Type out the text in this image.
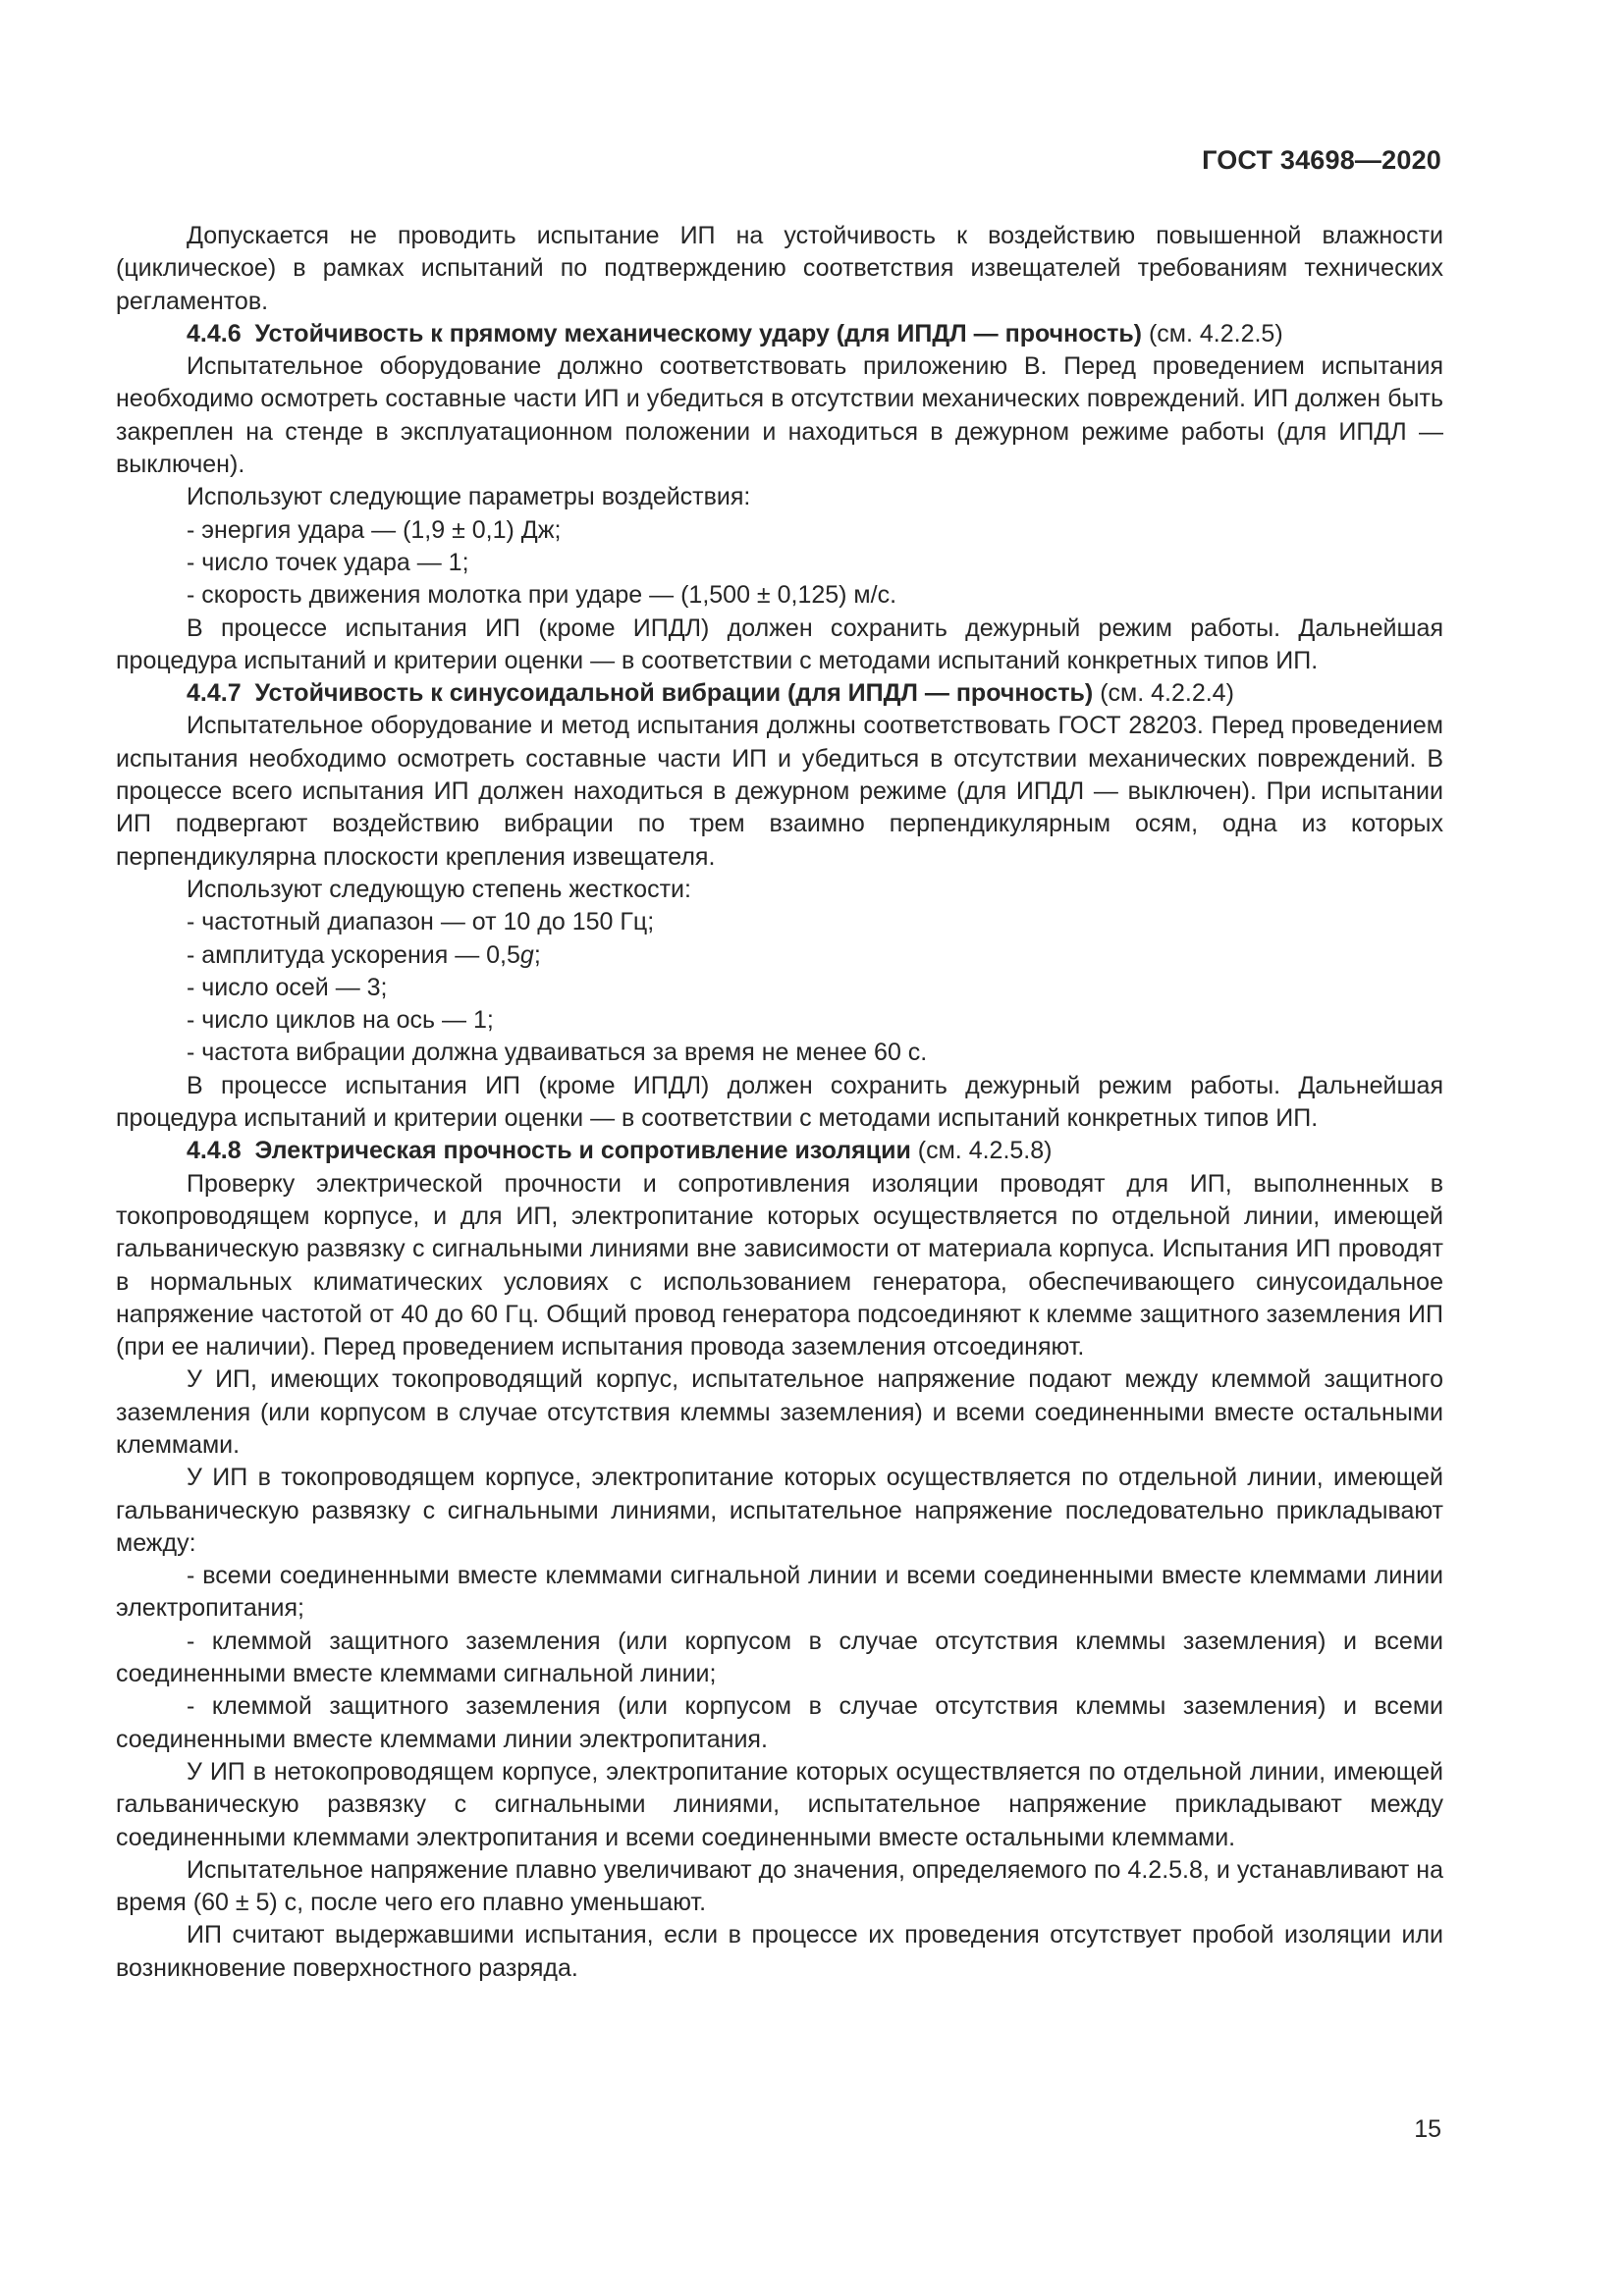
ГОСТ 34698—2020

Допускается не проводить испытание ИП на устойчивость к воздействию повышенной влажности (циклическое) в рамках испытаний по подтверждению соответствия извещателей требованиям технических регламентов.

4.4.6 Устойчивость к прямому механическому удару (для ИПДЛ — прочность) (см. 4.2.2.5)

Испытательное оборудование должно соответствовать приложению В. Перед проведением испытания необходимо осмотреть составные части ИП и убедиться в отсутствии механических повреждений. ИП должен быть закреплен на стенде в эксплуатационном положении и находиться в дежурном режиме работы (для ИПДЛ — выключен).

Используют следующие параметры воздействия:

- энергия удара — (1,9 ± 0,1) Дж;

- число точек удара — 1;

- скорость движения молотка при ударе — (1,500 ± 0,125) м/с.

В процессе испытания ИП (кроме ИПДЛ) должен сохранить дежурный режим работы. Дальнейшая процедура испытаний и критерии оценки — в соответствии с методами испытаний конкретных типов ИП.

4.4.7 Устойчивость к синусоидальной вибрации (для ИПДЛ — прочность) (см. 4.2.2.4)

Испытательное оборудование и метод испытания должны соответствовать ГОСТ 28203. Перед проведением испытания необходимо осмотреть составные части ИП и убедиться в отсутствии механических повреждений. В процессе всего испытания ИП должен находиться в дежурном режиме (для ИПДЛ — выключен). При испытании ИП подвергают воздействию вибрации по трем взаимно перпендикулярным осям, одна из которых перпендикулярна плоскости крепления извещателя.

Используют следующую степень жесткости:

- частотный диапазон — от 10 до 150 Гц;

- амплитуда ускорения — 0,5g;

- число осей — 3;

- число циклов на ось — 1;

- частота вибрации должна удваиваться за время не менее 60 с.

В процессе испытания ИП (кроме ИПДЛ) должен сохранить дежурный режим работы. Дальнейшая процедура испытаний и критерии оценки — в соответствии с методами испытаний конкретных типов ИП.

4.4.8 Электрическая прочность и сопротивление изоляции (см. 4.2.5.8)

Проверку электрической прочности и сопротивления изоляции проводят для ИП, выполненных в токопроводящем корпусе, и для ИП, электропитание которых осуществляется по отдельной линии, имеющей гальваническую развязку с сигнальными линиями вне зависимости от материала корпуса. Испытания ИП проводят в нормальных климатических условиях с использованием генератора, обеспечивающего синусоидальное напряжение частотой от 40 до 60 Гц. Общий провод генератора подсоединяют к клемме защитного заземления ИП (при ее наличии). Перед проведением испытания провода заземления отсоединяют.

У ИП, имеющих токопроводящий корпус, испытательное напряжение подают между клеммой защитного заземления (или корпусом в случае отсутствия клеммы заземления) и всеми соединенными вместе остальными клеммами.

У ИП в токопроводящем корпусе, электропитание которых осуществляется по отдельной линии, имеющей гальваническую развязку с сигнальными линиями, испытательное напряжение последовательно прикладывают между:

- всеми соединенными вместе клеммами сигнальной линии и всеми соединенными вместе клеммами линии электропитания;

- клеммой защитного заземления (или корпусом в случае отсутствия клеммы заземления) и всеми соединенными вместе клеммами сигнальной линии;

- клеммой защитного заземления (или корпусом в случае отсутствия клеммы заземления) и всеми соединенными вместе клеммами линии электропитания.

У ИП в нетокопроводящем корпусе, электропитание которых осуществляется по отдельной линии, имеющей гальваническую развязку с сигнальными линиями, испытательное напряжение прикладывают между соединенными клеммами электропитания и всеми соединенными вместе остальными клеммами.

Испытательное напряжение плавно увеличивают до значения, определяемого по 4.2.5.8, и устанавливают на время (60 ± 5) с, после чего его плавно уменьшают.

ИП считают выдержавшими испытания, если в процессе их проведения отсутствует пробой изоляции или возникновение поверхностного разряда.

15
